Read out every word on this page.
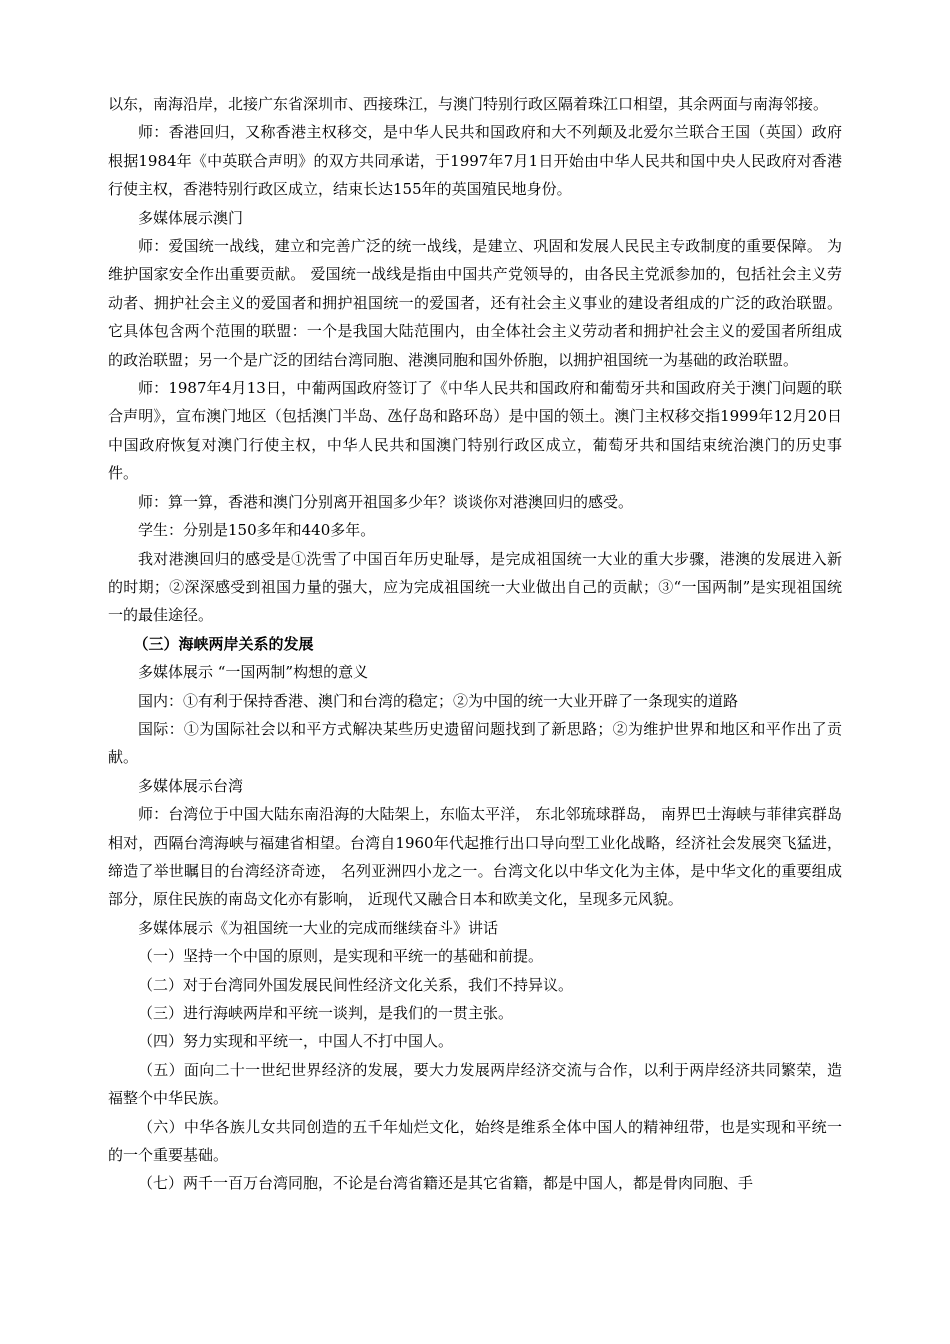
以东，南海沿岸，北接广东省深圳市、西接珠江，与澳门特别行政区隔着珠江口相望，其余两面与南海邻接。

师：香港回归，又称香港主权移交，是中华人民共和国政府和大不列颠及北爱尔兰联合王国（英国）政府根据1984年《中英联合声明》的双方共同承诺，于1997年7月1日开始由中华人民共和国中央人民政府对香港行使主权，香港特别行政区成立，结束长达155年的英国殖民地身份。

多媒体展示澳门

师：爱国统一战线，建立和完善广泛的统一战线，是建立、巩固和发展人民民主专政制度的重要保障。 为维护国家安全作出重要贡献。 爱国统一战线是指由中国共产党领导的，由各民主党派参加的，包括社会主义劳动者、拥护社会主义的爱国者和拥护祖国统一的爱国者，还有社会主义事业的建设者组成的广泛的政治联盟。它具体包含两个范围的联盟：一个是我国大陆范围内，由全体社会主义劳动者和拥护社会主义的爱国者所组成的政治联盟；另一个是广泛的团结台湾同胞、港澳同胞和国外侨胞，以拥护祖国统一为基础的政治联盟。

师：1987年4月13日，中葡两国政府签订了《中华人民共和国政府和葡萄牙共和国政府关于澳门问题的联合声明》，宣布澳门地区（包括澳门半岛、氹仔岛和路环岛）是中国的领土。澳门主权移交指1999年12月20日中国政府恢复对澳门行使主权，中华人民共和国澳门特别行政区成立，葡萄牙共和国结束统治澳门的历史事件。

师：算一算，香港和澳门分别离开祖国多少年？谈谈你对港澳回归的感受。

学生：分别是150多年和440多年。

我对港澳回归的感受是①洗雪了中国百年历史耻辱，是完成祖国统一大业的重大步骤，港澳的发展进入新的时期；②深深感受到祖国力量的强大，应为完成祖国统一大业做出自己的贡献；③“一国两制”是实现祖国统一的最佳途径。

（三）海峡两岸关系的发展

多媒体展示 “一国两制”构想的意义

国内：①有利于保持香港、澳门和台湾的稳定；②为中国的统一大业开辟了一条现实的道路

国际：①为国际社会以和平方式解决某些历史遗留问题找到了新思路；②为维护世界和地区和平作出了贡献。

多媒体展示台湾

师：台湾位于中国大陆东南沿海的大陆架上，东临太平洋， 东北邻琉球群岛， 南界巴士海峡与菲律宾群岛相对，西隔台湾海峡与福建省相望。台湾自1960年代起推行出口导向型工业化战略，经济社会发展突飞猛进，缔造了举世瞩目的台湾经济奇迹， 名列亚洲四小龙之一。台湾文化以中华文化为主体，是中华文化的重要组成部分，原住民族的南岛文化亦有影响， 近现代又融合日本和欧美文化，呈现多元风貌。

多媒体展示《为祖国统一大业的完成而继续奋斗》讲话

（一）坚持一个中国的原则，是实现和平统一的基础和前提。

（二）对于台湾同外国发展民间性经济文化关系，我们不持异议。

（三）进行海峡两岸和平统一谈判，是我们的一贯主张。

（四）努力实现和平统一，中国人不打中国人。

（五）面向二十一世纪世界经济的发展，要大力发展两岸经济交流与合作，以利于两岸经济共同繁荣，造福整个中华民族。

（六）中华各族儿女共同创造的五千年灿烂文化，始终是维系全体中国人的精神纽带，也是实现和平统一的一个重要基础。

（七）两千一百万台湾同胞，不论是台湾省籍还是其它省籍，都是中国人，都是骨肉同胞、手
